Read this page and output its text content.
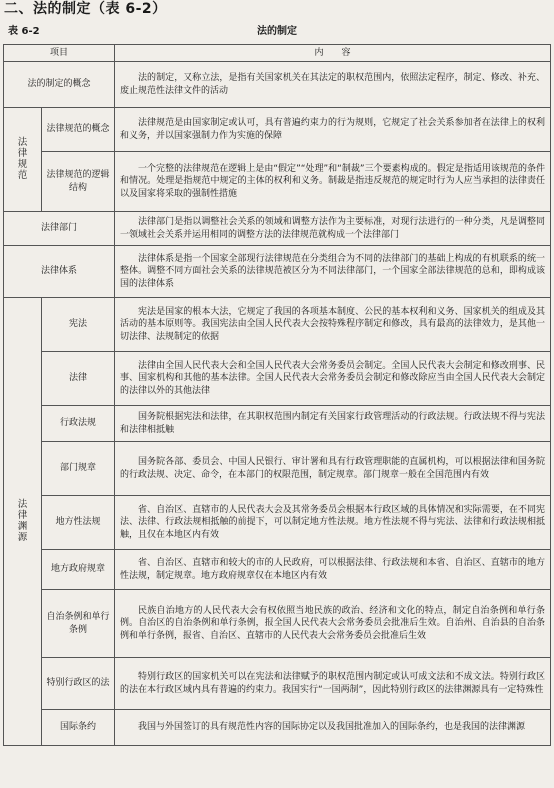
二、法的制定（表 6-2）
表 6-2	法的制定
项目		内　　容
法的制定的概念		法的制定，又称立法，是指有关国家机关在其法定的职权范围内，依照法定程序，制定、修改、补充、废止规范性法律文件的活动
法律规范	法律规范的概念	法律规范是由国家制定或认可，具有普遍约束力的行为规则，它规定了社会关系参加者在法律上的权利和义务，并以国家强制力作为实施的保障
	法律规范的逻辑结构	一个完整的法律规范在逻辑上是由“假定”“处理”和“制裁”三个要素构成的。假定是指适用该规范的条件和情况。处理是指规范中规定的主体的权利和义务。制裁是指违反规范的规定时行为人应当承担的法律责任以及国家将采取的强制性措施
法律部门		法律部门是指以调整社会关系的领域和调整方法作为主要标准，对现行法进行的一种分类，凡是调整同一领域社会关系并运用相同的调整方法的法律规范就构成一个法律部门
法律体系		法律体系是指一个国家全部现行法律规范在分类组合为不同的法律部门的基础上构成的有机联系的统一整体。调整不同方面社会关系的法律规范被区分为不同法律部门，一个国家全部法律规范的总和，即构成该国的法律体系
法律渊源	宪法	宪法是国家的根本大法，它规定了我国的各项基本制度、公民的基本权利和义务、国家机关的组成及其活动的基本原则等。我国宪法由全国人民代表大会按特殊程序制定和修改，具有最高的法律效力，是其他一切法律、法规制定的依据
	法律	法律由全国人民代表大会和全国人民代表大会常务委员会制定。全国人民代表大会制定和修改刑事、民事、国家机构和其他的基本法律。全国人民代表大会常务委员会制定和修改除应当由全国人民代表大会制定的法律以外的其他法律
	行政法规	国务院根据宪法和法律，在其职权范围内制定有关国家行政管理活动的行政法规。行政法规不得与宪法和法律相抵触
	部门规章	国务院各部、委员会、中国人民银行、审计署和具有行政管理职能的直属机构，可以根据法律和国务院的行政法规、决定、命令，在本部门的权限范围，制定规章。部门规章一般在全国范围内有效
	地方性法规	省、自治区、直辖市的人民代表大会及其常务委员会根据本行政区域的具体情况和实际需要，在不同宪法、法律、行政法规相抵触的前提下，可以制定地方性法规。地方性法规不得与宪法、法律和行政法规相抵触，且仅在本地区内有效
	地方政府规章	省、自治区、直辖市和较大的市的人民政府，可以根据法律、行政法规和本省、自治区、直辖市的地方性法规，制定规章。地方政府规章仅在本地区内有效
	自治条例和单行条例	民族自治地方的人民代表大会有权依照当地民族的政治、经济和文化的特点，制定自治条例和单行条例。自治区的自治条例和单行条例，报全国人民代表大会常务委员会批准后生效。自治州、自治县的自治条例和单行条例，报省、自治区、直辖市的人民代表大会常务委员会批准后生效
	特别行政区的法	特别行政区的国家机关可以在宪法和法律赋予的职权范围内制定或认可成文法和不成文法。特别行政区的法在本行政区域内具有普遍的约束力。我国实行“一国两制”，因此特别行政区的法律渊源具有一定特殊性
	国际条约	我国与外国签订的具有规范性内容的国际协定以及我国批准加入的国际条约，也是我国的法律渊源
